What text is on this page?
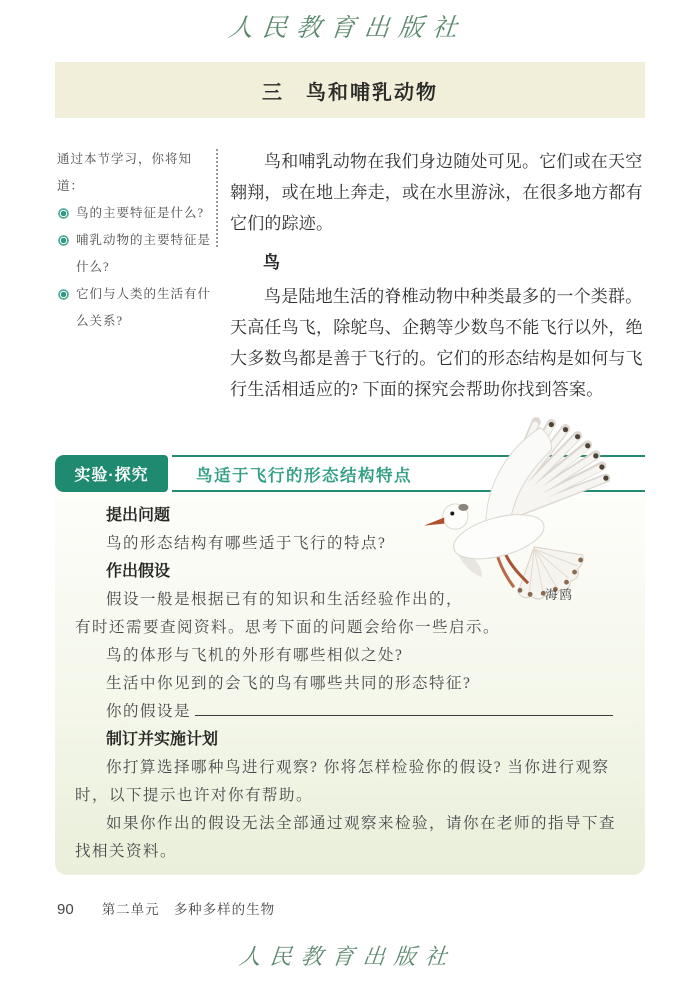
人民教育出版社
三 鸟和哺乳动物
通过本节学习，你将知道：
鸟的主要特征是什么?
哺乳动物的主要特征是什么?
它们与人类的生活有什么关系?

鸟和哺乳动物在我们身边随处可见。它们或在天空翱翔，或在地上奔走，或在水里游泳，在很多地方都有它们的踪迹。

鸟

鸟是陆地生活的脊椎动物中种类最多的一个类群。天高任鸟飞，除鸵鸟、企鹅等少数鸟不能飞行以外，绝大多数鸟都是善于飞行的。它们的形态结构是如何与飞行生活相适应的? 下面的探究会帮助你找到答案。

实验·探究	鸟适于飞行的形态结构特点
提出问题

鸟的形态结构有哪些适于飞行的特点?

作出假设

假设一般是根据已有的知识和生活经验作出的，有时还需要查阅资料。思考下面的问题会给你一些启示。

鸟的体形与飞机的外形有哪些相似之处?

生活中你见到的会飞的鸟有哪些共同的形态特征?

你的假设是
制订并实施计划

你打算选择哪种鸟进行观察? 你将怎样检验你的假设? 当你进行观察时，以下提示也许对你有帮助。

如果你作出的假设无法全部通过观察来检验，请你在老师的指导下查找相关资料。

海鸥
90 第二单元 多种多样的生物
人民教育出版社
